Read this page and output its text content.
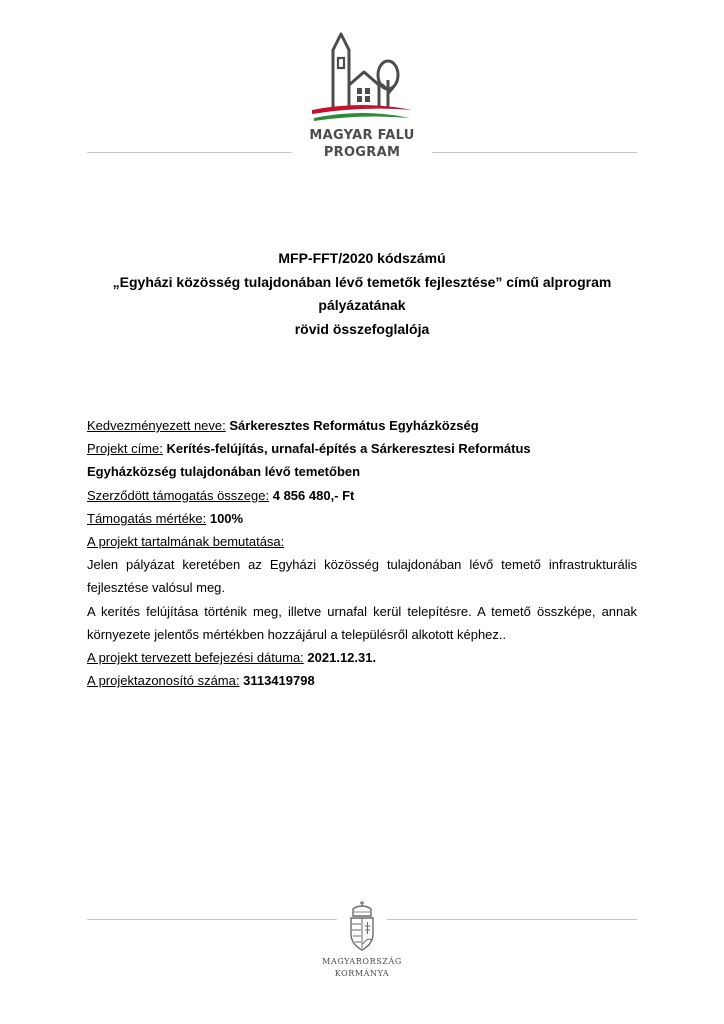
MAGYAR FALU
PROGRAM
MFP-FFT/2020 kódszámú
„Egyházi közösség tulajdonában lévő temetők fejlesztése” című alprogram
pályázatának
rövid összefoglalója

Kedvezményezett neve: Sárkeresztes Református Egyházközség

Projekt címe: Kerítés-felújítás, urnafal-építés a Sárkeresztesi Református

Egyházközség tulajdonában lévő temetőben

Szerződött támogatás összege: 4 856 480,- Ft

Támogatás mértéke: 100%

A projekt tartalmának bemutatása:

Jelen pályázat keretében az Egyházi közösség tulajdonában lévő temető infrastrukturális fejlesztése valósul meg.

A kerítés felújítása történik meg, illetve urnafal kerül telepítésre. A temető összképe, annak környezete jelentős mértékben hozzájárul a településről alkotott képhez..

A projekt tervezett befejezési dátuma: 2021.12.31.

A projektazonosító száma: 3113419798

MAGYARORSZÁG
KORMÁNYA
